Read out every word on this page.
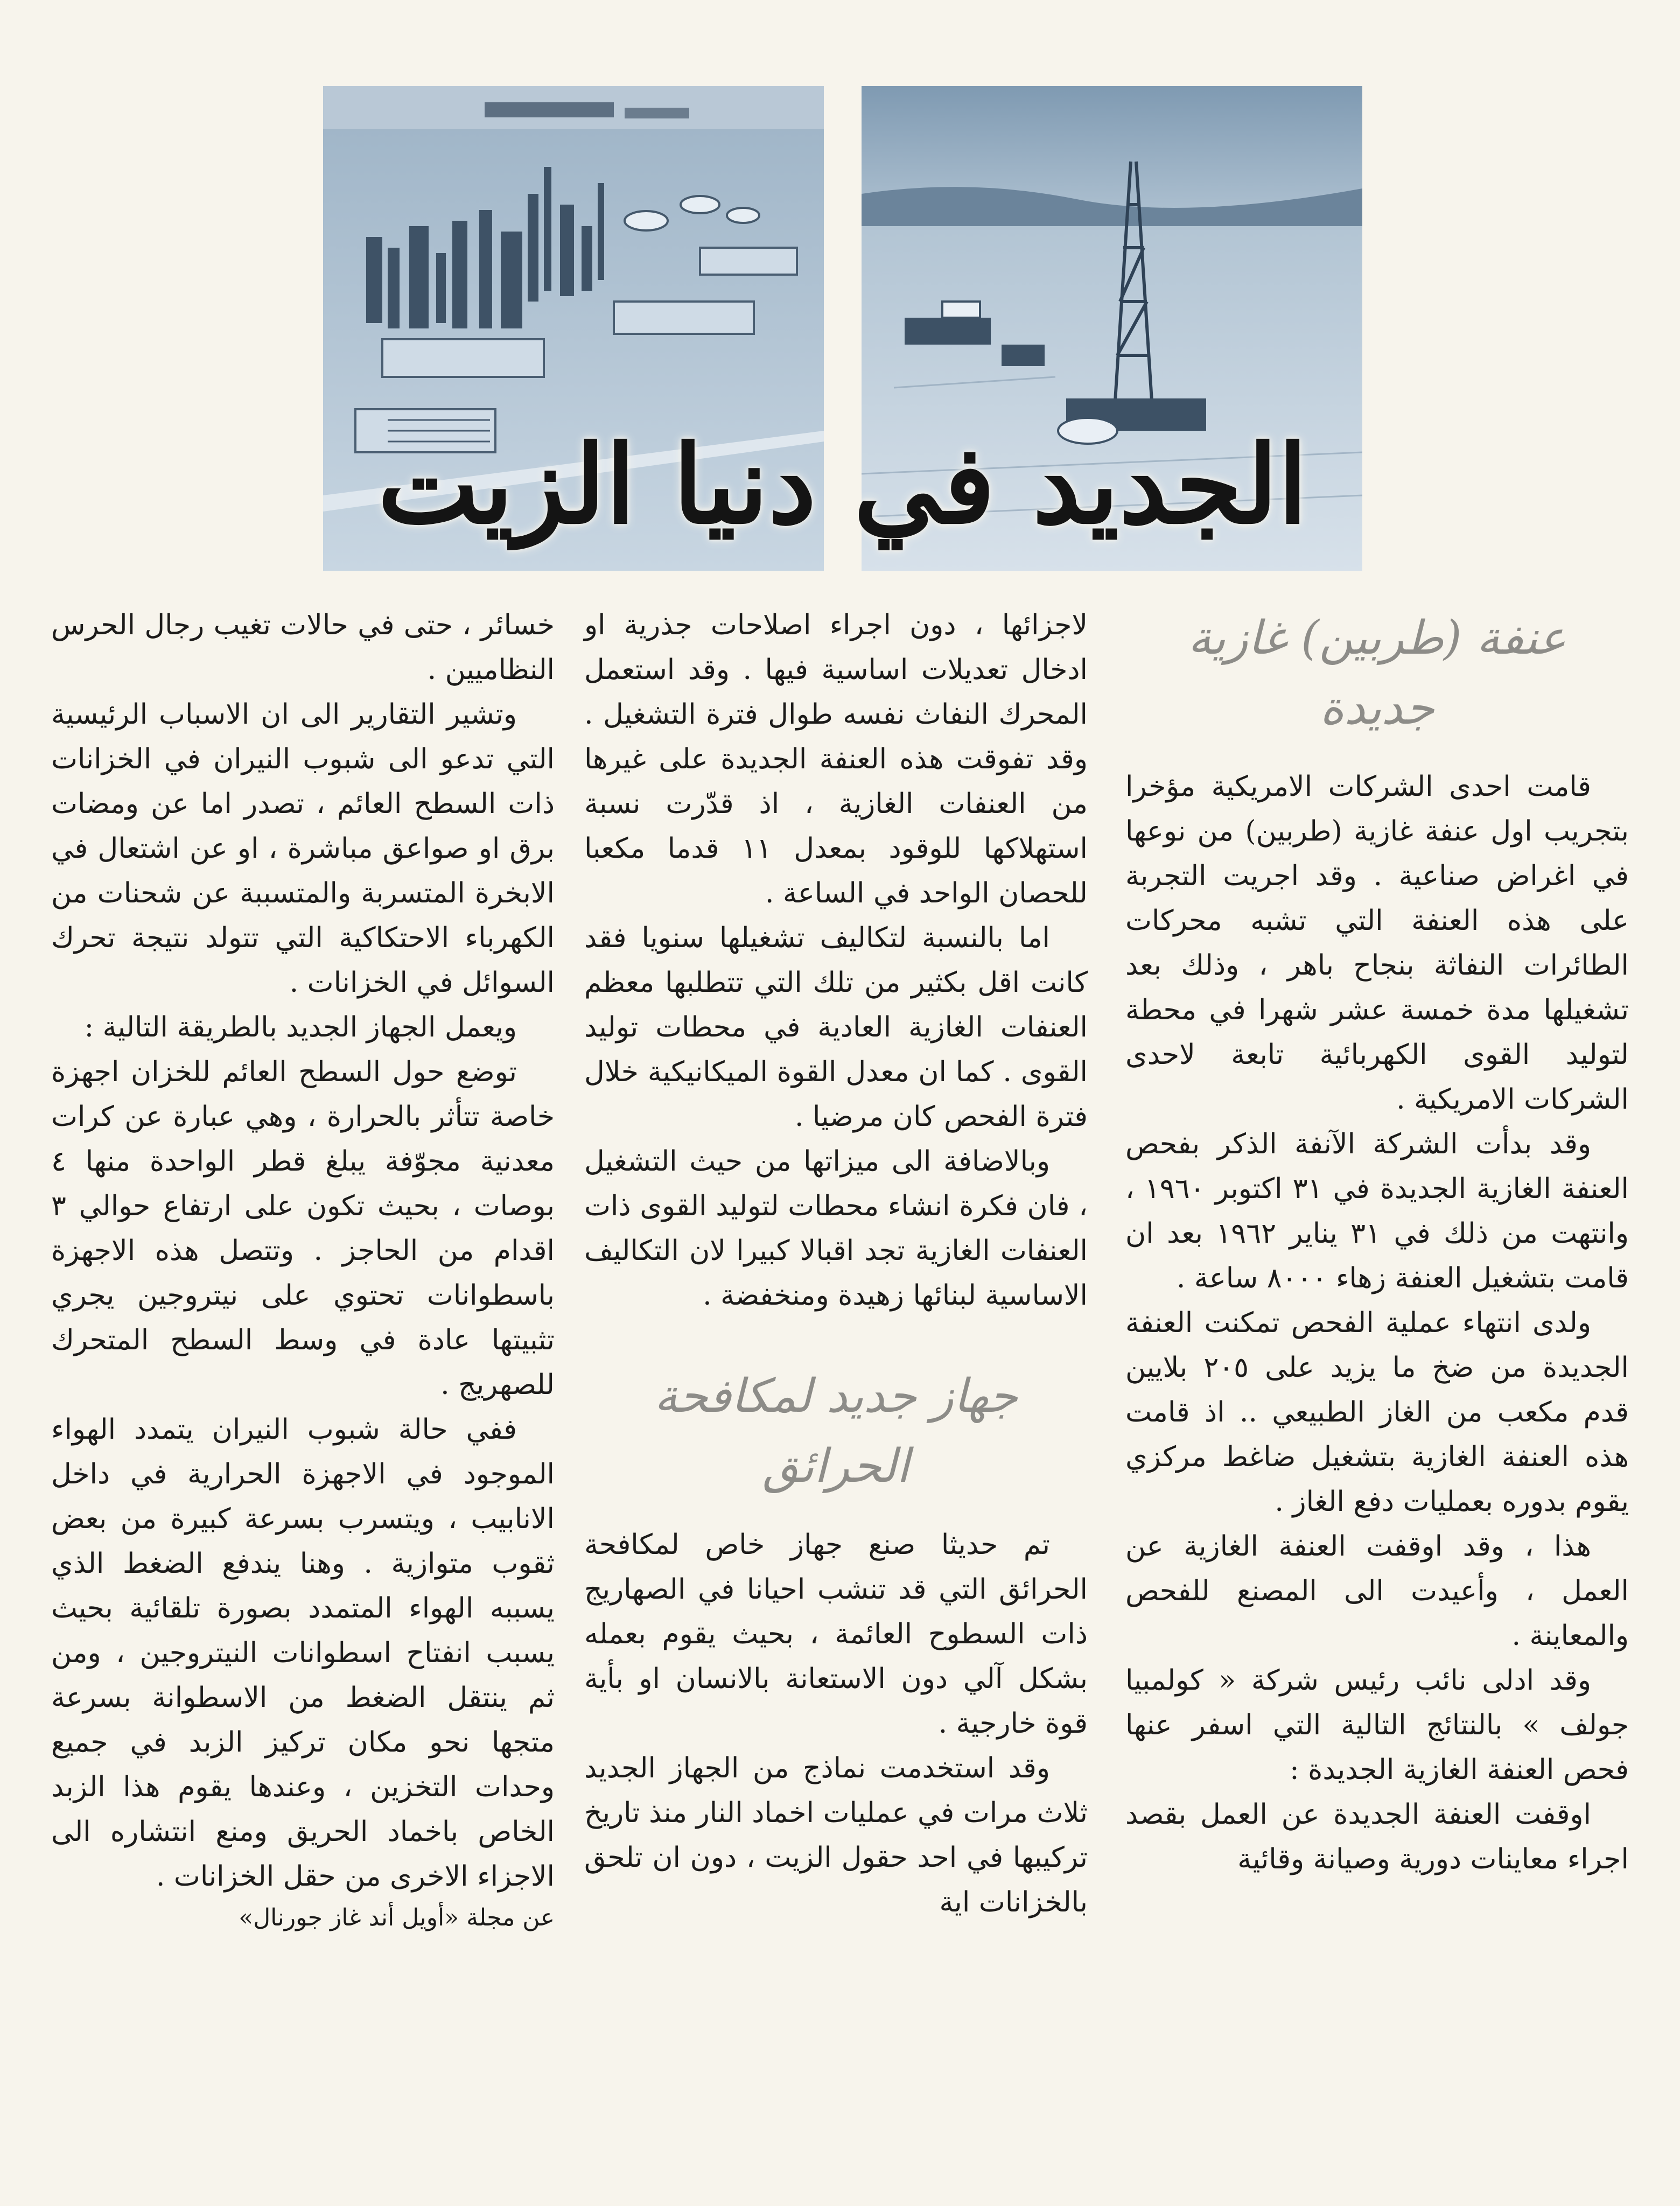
الجديد في دنيا الزيت
عنفة (طربين) غازية جديدة

قامت احدى الشركات الامريكية مؤخرا بتجريب اول عنفة غازية (طربين) من نوعها في اغراض صناعية . وقد اجريت التجربة على هذه العنفة التي تشبه محركات الطائرات النفاثة بنجاح باهر ، وذلك بعد تشغيلها مدة خمسة عشر شهرا في محطة لتوليد القوى الكهربائية تابعة لاحدى الشركات الامريكية .

وقد بدأت الشركة الآنفة الذكر بفحص العنفة الغازية الجديدة في ٣١ اكتوبر ١٩٦٠ ، وانتهت من ذلك في ٣١ يناير ١٩٦٢ بعد ان قامت بتشغيل العنفة زهاء ٨٠٠٠ ساعة .

ولدى انتهاء عملية الفحص تمكنت العنفة الجديدة من ضخ ما يزيد على ٢٠٥ بلايين قدم مكعب من الغاز الطبيعي .. اذ قامت هذه العنفة الغازية بتشغيل ضاغط مركزي يقوم بدوره بعمليات دفع الغاز .

هذا ، وقد اوقفت العنفة الغازية عن العمل ، وأعيدت الى المصنع للفحص والمعاينة .

وقد ادلى نائب رئيس شركة « كولمبيا جولف » بالنتائج التالية التي اسفر عنها فحص العنفة الغازية الجديدة :

اوقفت العنفة الجديدة عن العمل بقصد اجراء معاينات دورية وصيانة وقائية

لاجزائها ، دون اجراء اصلاحات جذرية او ادخال تعديلات اساسية فيها . وقد استعمل المحرك النفاث نفسه طوال فترة التشغيل . وقد تفوقت هذه العنفة الجديدة على غيرها من العنفات الغازية ، اذ قدّرت نسبة استهلاكها للوقود بمعدل ١١ قدما مكعبا للحصان الواحد في الساعة .

اما بالنسبة لتكاليف تشغيلها سنويا فقد كانت اقل بكثير من تلك التي تتطلبها معظم العنفات الغازية العادية في محطات توليد القوى . كما ان معدل القوة الميكانيكية خلال فترة الفحص كان مرضيا .

وبالاضافة الى ميزاتها من حيث التشغيل ، فان فكرة انشاء محطات لتوليد القوى ذات العنفات الغازية تجد اقبالا كبيرا لان التكاليف الاساسية لبنائها زهيدة ومنخفضة .

جهاز جديد لمكافحة الحرائق

تم حديثا صنع جهاز خاص لمكافحة الحرائق التي قد تنشب احيانا في الصهاريج ذات السطوح العائمة ، بحيث يقوم بعمله بشكل آلي دون الاستعانة بالانسان او بأية قوة خارجية .

وقد استخدمت نماذج من الجهاز الجديد ثلاث مرات في عمليات اخماد النار منذ تاريخ تركيبها في احد حقول الزيت ، دون ان تلحق بالخزانات اية

خسائر ، حتى في حالات تغيب رجال الحرس النظاميين .

وتشير التقارير الى ان الاسباب الرئيسية التي تدعو الى شبوب النيران في الخزانات ذات السطح العائم ، تصدر اما عن ومضات برق او صواعق مباشرة ، او عن اشتعال في الابخرة المتسربة والمتسببة عن شحنات من الكهرباء الاحتكاكية التي تتولد نتيجة تحرك السوائل في الخزانات .

ويعمل الجهاز الجديد بالطريقة التالية :

توضع حول السطح العائم للخزان اجهزة خاصة تتأثر بالحرارة ، وهي عبارة عن كرات معدنية مجوّفة يبلغ قطر الواحدة منها ٤ بوصات ، بحيث تكون على ارتفاع حوالي ٣ اقدام من الحاجز . وتتصل هذه الاجهزة باسطوانات تحتوي على نيتروجين يجري تثبيتها عادة في وسط السطح المتحرك للصهريج .

ففي حالة شبوب النيران يتمدد الهواء الموجود في الاجهزة الحرارية في داخل الانابيب ، ويتسرب بسرعة كبيرة من بعض ثقوب متوازية . وهنا يندفع الضغط الذي يسببه الهواء المتمدد بصورة تلقائية بحيث يسبب انفتاح اسطوانات النيتروجين ، ومن ثم ينتقل الضغط من الاسطوانة بسرعة متجها نحو مكان تركيز الزبد في جميع وحدات التخزين ، وعندها يقوم هذا الزبد الخاص باخماد الحريق ومنع انتشاره الى الاجزاء الاخرى من حقل الخزانات .

عن مجلة «أويل أند غاز جورنال»
